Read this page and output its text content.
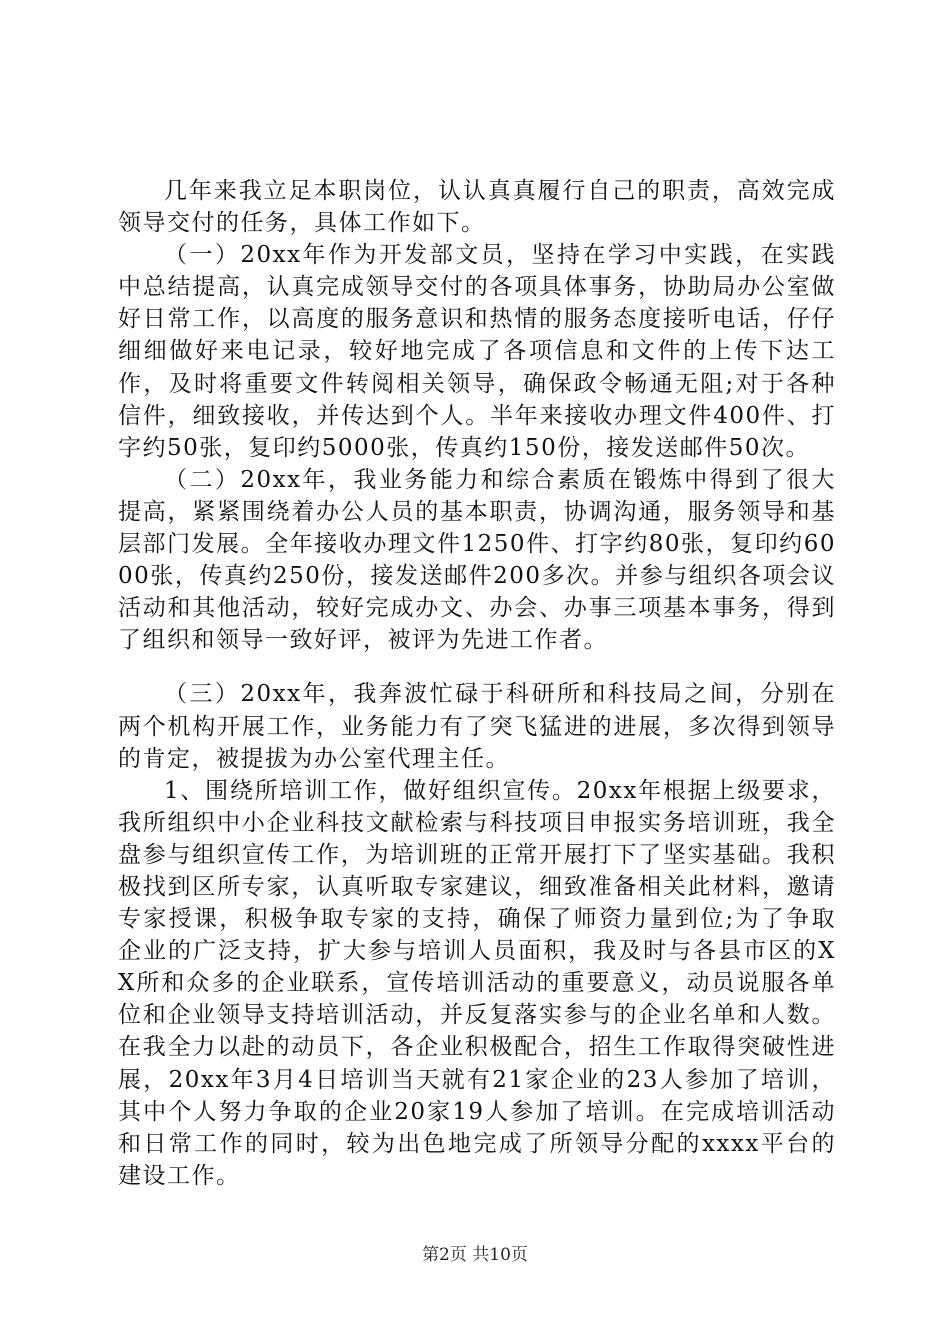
几年来我立足本职岗位，认认真真履行自己的职责，高效完成领导交付的任务，具体工作如下。

（一）20xx年作为开发部文员，坚持在学习中实践，在实践中总结提高，认真完成领导交付的各项具体事务，协助局办公室做好日常工作，以高度的服务意识和热情的服务态度接听电话，仔仔细细做好来电记录，较好地完成了各项信息和文件的上传下达工作，及时将重要文件转阅相关领导，确保政令畅通无阻;对于各种信件，细致接收，并传达到个人。半年来接收办理文件400件、打字约50张，复印约5000张，传真约150份，接发送邮件50次。

（二）20xx年，我业务能力和综合素质在锻炼中得到了很大提高，紧紧围绕着办公人员的基本职责，协调沟通，服务领导和基层部门发展。全年接收办理文件1250件、打字约80张，复印约6000张，传真约250份，接发送邮件200多次。并参与组织各项会议活动和其他活动，较好完成办文、办会、办事三项基本事务，得到了组织和领导一致好评，被评为先进工作者。

（三）20xx年，我奔波忙碌于科研所和科技局之间，分别在两个机构开展工作，业务能力有了突飞猛进的进展，多次得到领导的肯定，被提拔为办公室代理主任。

1、围绕所培训工作，做好组织宣传。20xx年根据上级要求，我所组织中小企业科技文献检索与科技项目申报实务培训班，我全盘参与组织宣传工作，为培训班的正常开展打下了坚实基础。我积极找到区所专家，认真听取专家建议，细致准备相关此材料，邀请专家授课，积极争取专家的支持，确保了师资力量到位;为了争取企业的广泛支持，扩大参与培训人员面积，我及时与各县市区的XX所和众多的企业联系，宣传培训活动的重要意义，动员说服各单位和企业领导支持培训活动，并反复落实参与的企业名单和人数。在我全力以赴的动员下，各企业积极配合，招生工作取得突破性进展，20xx年3月4日培训当天就有21家企业的23人参加了培训，其中个人努力争取的企业20家19人参加了培训。在完成培训活动和日常工作的同时，较为出色地完成了所领导分配的xxxx平台的建设工作。

第2页 共10页
